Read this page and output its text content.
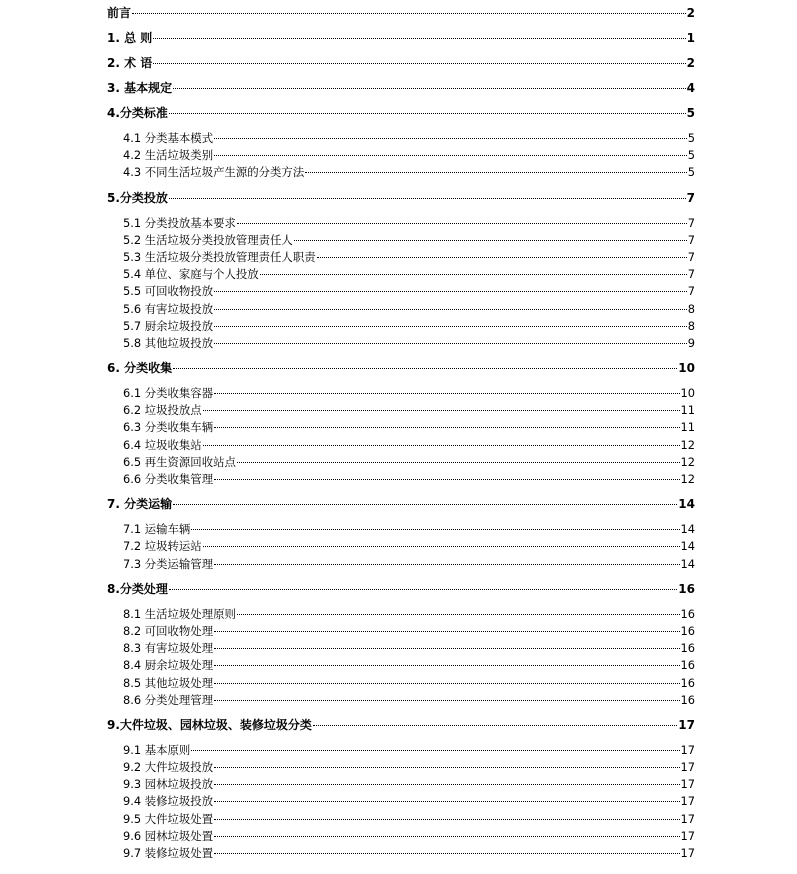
前言	2
1. 总 则	1
2. 术 语	2
3. 基本规定	4
4.分类标准	5
4.1 分类基本模式	5
4.2 生活垃圾类别	5
4.3 不同生活垃圾产生源的分类方法	5
5.分类投放	7
5.1 分类投放基本要求	7
5.2 生活垃圾分类投放管理责任人	7
5.3 生活垃圾分类投放管理责任人职责	7
5.4 单位、家庭与个人投放	7
5.5 可回收物投放	7
5.6 有害垃圾投放	8
5.7 厨余垃圾投放	8
5.8 其他垃圾投放	9
6. 分类收集	10
6.1 分类收集容器	10
6.2 垃圾投放点	11
6.3 分类收集车辆	11
6.4 垃圾收集站	12
6.5 再生资源回收站点	12
6.6 分类收集管理	12
7. 分类运输	14
7.1 运输车辆	14
7.2 垃圾转运站	14
7.3 分类运输管理	14
8.分类处理	16
8.1 生活垃圾处理原则	16
8.2 可回收物处理	16
8.3 有害垃圾处理	16
8.4 厨余垃圾处理	16
8.5 其他垃圾处理	16
8.6 分类处理管理	16
9.大件垃圾、园林垃圾、装修垃圾分类	17
9.1 基本原则	17
9.2 大件垃圾投放	17
9.3 园林垃圾投放	17
9.4 装修垃圾投放	17
9.5 大件垃圾处置	17
9.6 园林垃圾处置	17
9.7 装修垃圾处置	17
